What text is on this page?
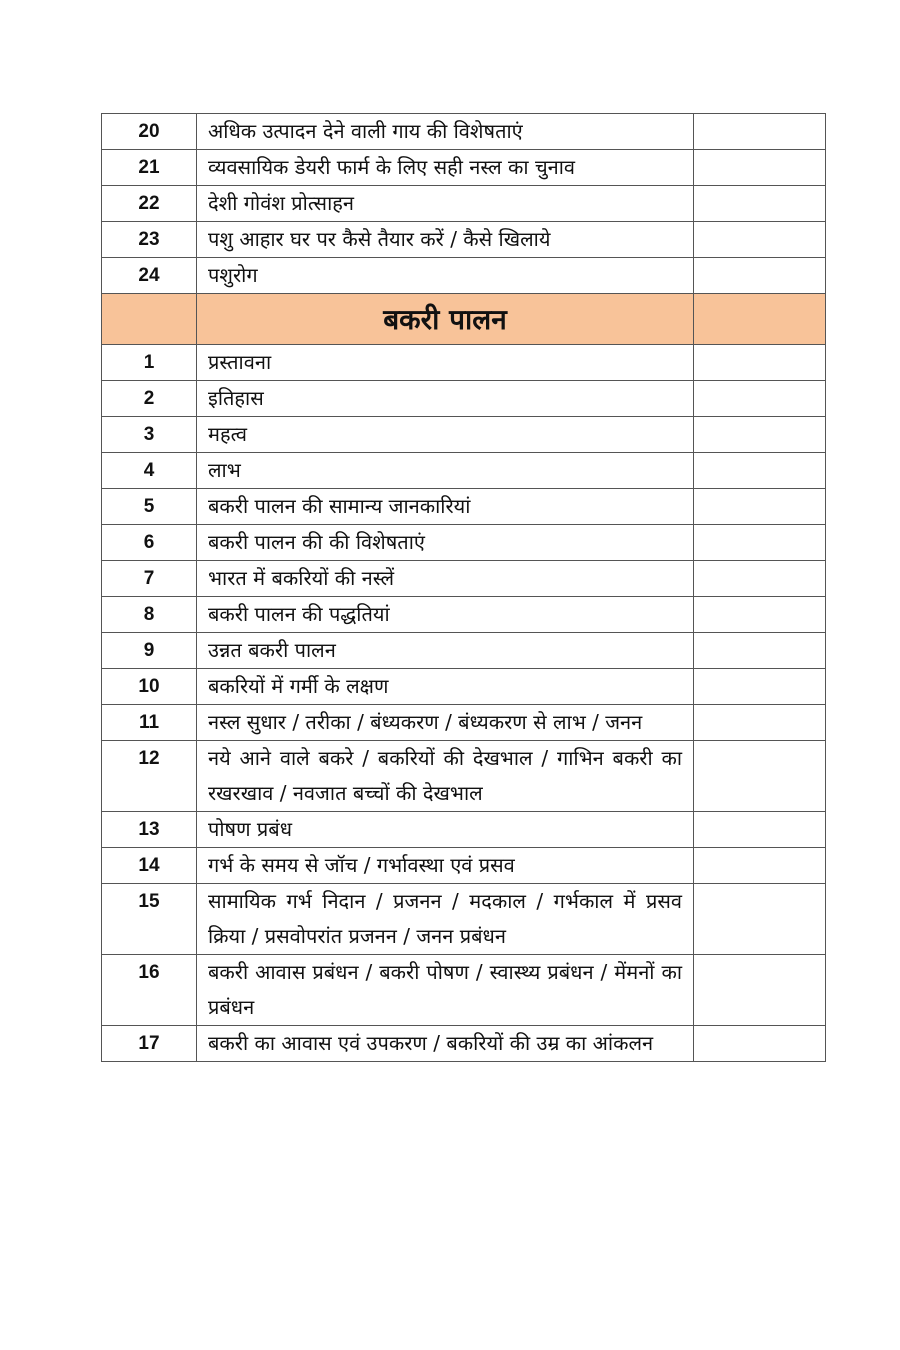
20	अधिक उत्पादन देने वाली गाय की विशेषताएं	
21	व्यवसायिक डेयरी फार्म के लिए सही नस्ल का चुनाव	
22	देशी गोवंश प्रोत्साहन	
23	पशु आहार घर पर कैसे तैयार करें / कैसे खिलाये	
24	पशुरोग	
	बकरी पालन	
1	प्रस्तावना	
2	इतिहास	
3	महत्व	
4	लाभ	
5	बकरी पालन की सामान्य जानकारियां	
6	बकरी पालन की की विशेषताएं	
7	भारत में बकरियों की नस्लें	
8	बकरी पालन की पद्धतियां	
9	उन्नत बकरी पालन	
10	बकरियों में गर्मी के लक्षण	
11	नस्ल सुधार / तरीका / बंध्यकरण / बंध्यकरण से लाभ / जनन	
12	नये आने वाले बकरे / बकरियों की देखभाल / गाभिन बकरी का रखरखाव / नवजात बच्चों की देखभाल	
13	पोषण प्रबंध	
14	गर्भ के समय से जॉच / गर्भावस्था एवं प्रसव	
15	सामायिक गर्भ निदान / प्रजनन / मदकाल / गर्भकाल में प्रसव क्रिया / प्रसवोपरांत प्रजनन / जनन प्रबंधन	
16	बकरी आवास प्रबंधन / बकरी पोषण / स्वास्थ्य प्रबंधन / मेंमनों का प्रबंधन	
17	बकरी का आवास एवं उपकरण / बकरियों की उम्र का आंकलन	
